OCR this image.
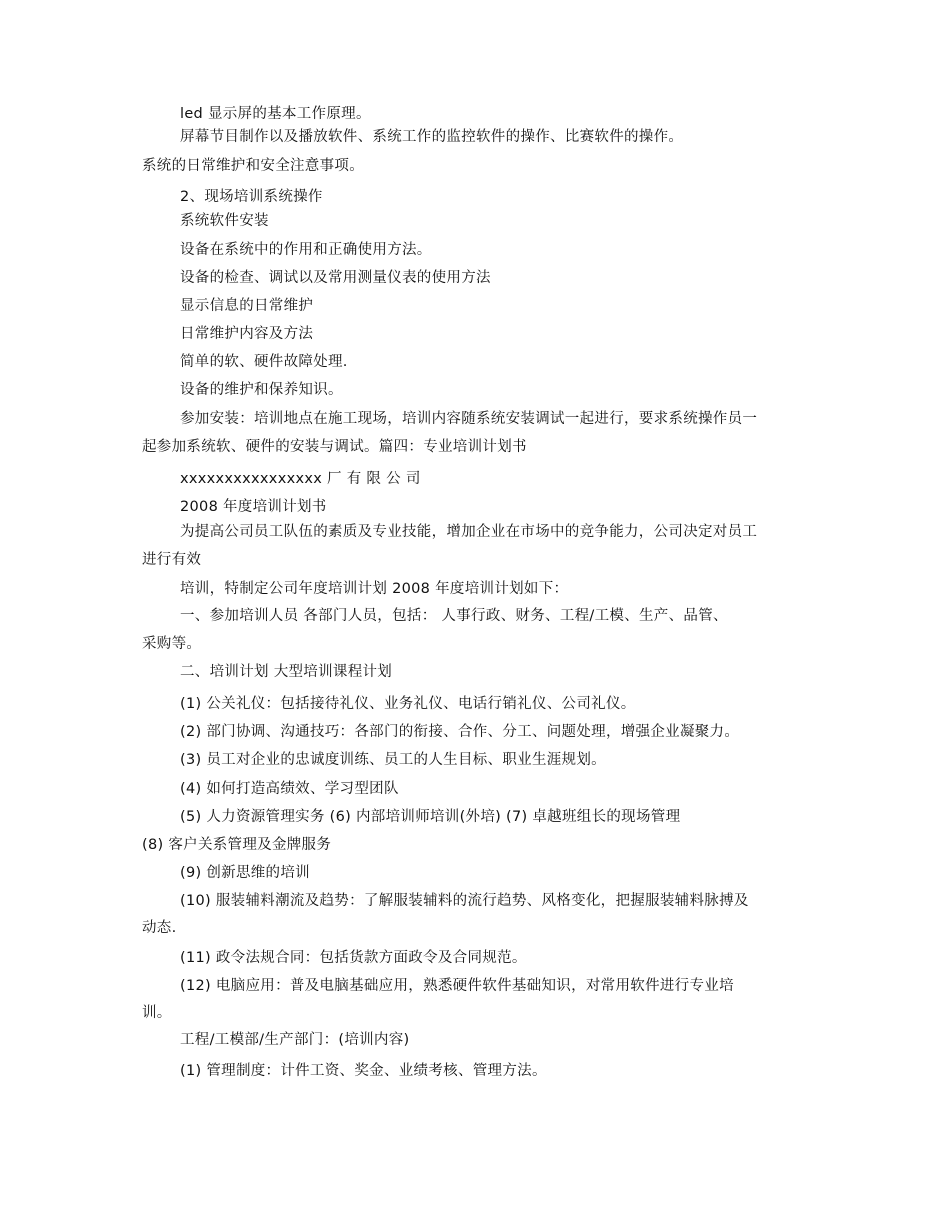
led 显示屏的基本工作原理。
屏幕节目制作以及播放软件、系统工作的监控软件的操作、比赛软件的操作。
系统的日常维护和安全注意事项。
2、现场培训系统操作
系统软件安装
设备在系统中的作用和正确使用方法。
设备的检查、调试以及常用测量仪表的使用方法
显示信息的日常维护
日常维护内容及方法
简单的软、硬件故障处理.
设备的维护和保养知识。
参加安装：培训地点在施工现场，培训内容随系统安装调试一起进行，要求系统操作员一
起参加系统软、硬件的安装与调试。篇四：专业培训计划书
xxxxxxxxxxxxxxxx 厂 有 限 公 司
2008 年度培训计划书
为提高公司员工队伍的素质及专业技能，增加企业在市场中的竞争能力，公司决定对员工
进行有效
培训，特制定公司年度培训计划 2008 年度培训计划如下：
一、参加培训人员 各部门人员，包括： 人事行政、财务、工程/工模、生产、品管、
采购等。
二、培训计划 大型培训课程计划
(1) 公关礼仪：包括接待礼仪、业务礼仪、电话行销礼仪、公司礼仪。
(2) 部门协调、沟通技巧：各部门的衔接、合作、分工、问题处理，增强企业凝聚力。
(3) 员工对企业的忠诚度训练、员工的人生目标、职业生涯规划。
(4) 如何打造高绩效、学习型团队
(5) 人力资源管理实务 (6) 内部培训师培训(外培) (7) 卓越班组长的现场管理
(8) 客户关系管理及金牌服务
(9) 创新思维的培训
(10) 服装辅料潮流及趋势：了解服装辅料的流行趋势、风格变化，把握服装辅料脉搏及
动态.
(11) 政令法规合同：包括货款方面政令及合同规范。
(12) 电脑应用：普及电脑基础应用，熟悉硬件软件基础知识，对常用软件进行专业培
训。
工程/工模部/生产部门：(培训内容)
(1) 管理制度：计件工资、奖金、业绩考核、管理方法。
